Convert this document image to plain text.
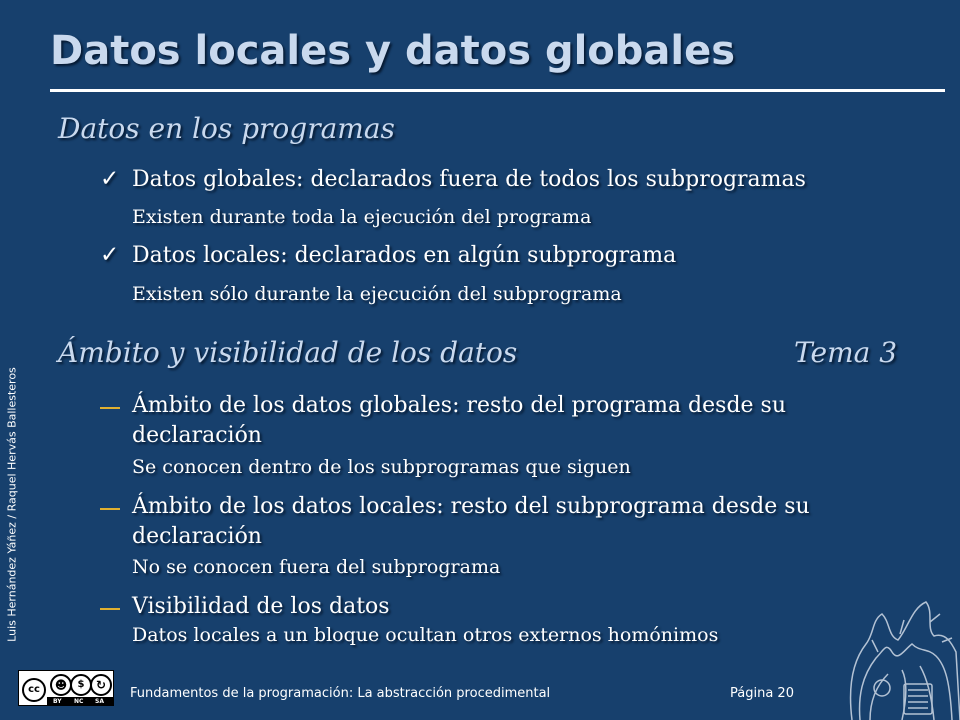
Datos locales y datos globales
Datos en los programas
✓ Datos globales: declarados fuera de todos los subprogramas
Existen durante toda la ejecución del programa
✓ Datos locales: declarados en algún subprograma
Existen sólo durante la ejecución del subprograma
Ámbito y visibilidad de los datos	Tema 3
Ámbito de los datos globales: resto del programa desde su
declaración
Se conocen dentro de los subprogramas que siguen
Ámbito de los datos locales: resto del subprograma desde su
declaración
No se conocen fuera del subprograma
Visibilidad de los datos
Datos locales a un bloque ocultan otros externos homónimos
Luis Hernández Yáñez / Raquel Hervás Ballesteros
cc	☻	$ ↻
BY NC SA
Fundamentos de la programación: La abstracción procedimental	Página 20
